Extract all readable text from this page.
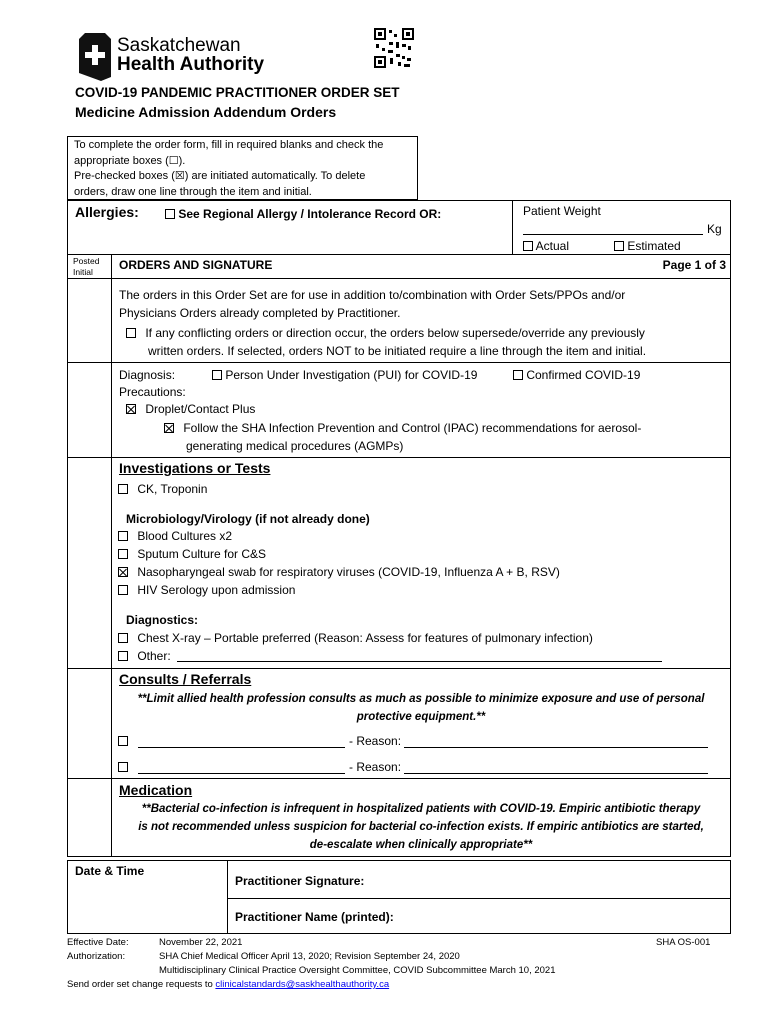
Saskatchewan
Health Authority
COVID-19 PANDEMIC PRACTITIONER ORDER SET
Medicine Admission Addendum Orders
To complete the order form, fill in required blanks and check the
appropriate boxes (☐).
Pre-checked boxes (☒) are initiated automatically. To delete
orders, draw one line through the item and initial.
Allergies:	See Regional Allergy / Intolerance Record OR:	Patient Weight
Kg
Actual	Estimated
Posted
Initial	ORDERS AND SIGNATURE	Page 1 of 3
The orders in this Order Set are for use in addition to/combination with Order Sets/PPOs and/or
Physicians Orders already completed by Practitioner.
If any conflicting orders or direction occur, the orders below supersede/override any previously
written orders. If selected, orders NOT to be initiated require a line through the item and initial.
Diagnosis:	Person Under Investigation (PUI) for COVID-19	Confirmed COVID-19
Precautions:
Droplet/Contact Plus
Follow the SHA Infection Prevention and Control (IPAC) recommendations for aerosol-
generating medical procedures (AGMPs)
Investigations or Tests
CK, Troponin
Microbiology/Virology (if not already done)
Blood Cultures x2
Sputum Culture for C&S
Nasopharyngeal swab for respiratory viruses (COVID-19, Influenza A + B, RSV)
HIV Serology upon admission
Diagnostics:
Chest X-ray – Portable preferred (Reason: Assess for features of pulmonary infection)
Other:
Consults / Referrals
**Limit allied health profession consults as much as possible to minimize exposure and use of personal
protective equipment.**
- Reason:
- Reason:
Medication
**Bacterial co-infection is infrequent in hospitalized patients with COVID-19. Empiric antibiotic therapy
is not recommended unless suspicion for bacterial co-infection exists. If empiric antibiotics are started,
de-escalate when clinically appropriate**
Date & Time
Practitioner Signature:
Practitioner Name (printed):
Effective Date:	November 22, 2021	SHA OS-001
Authorization:	SHA Chief Medical Officer April 13, 2020; Revision September 24, 2020
Multidisciplinary Clinical Practice Oversight Committee, COVID Subcommittee March 10, 2021
Send order set change requests to clinicalstandards@saskhealthauthority.ca
